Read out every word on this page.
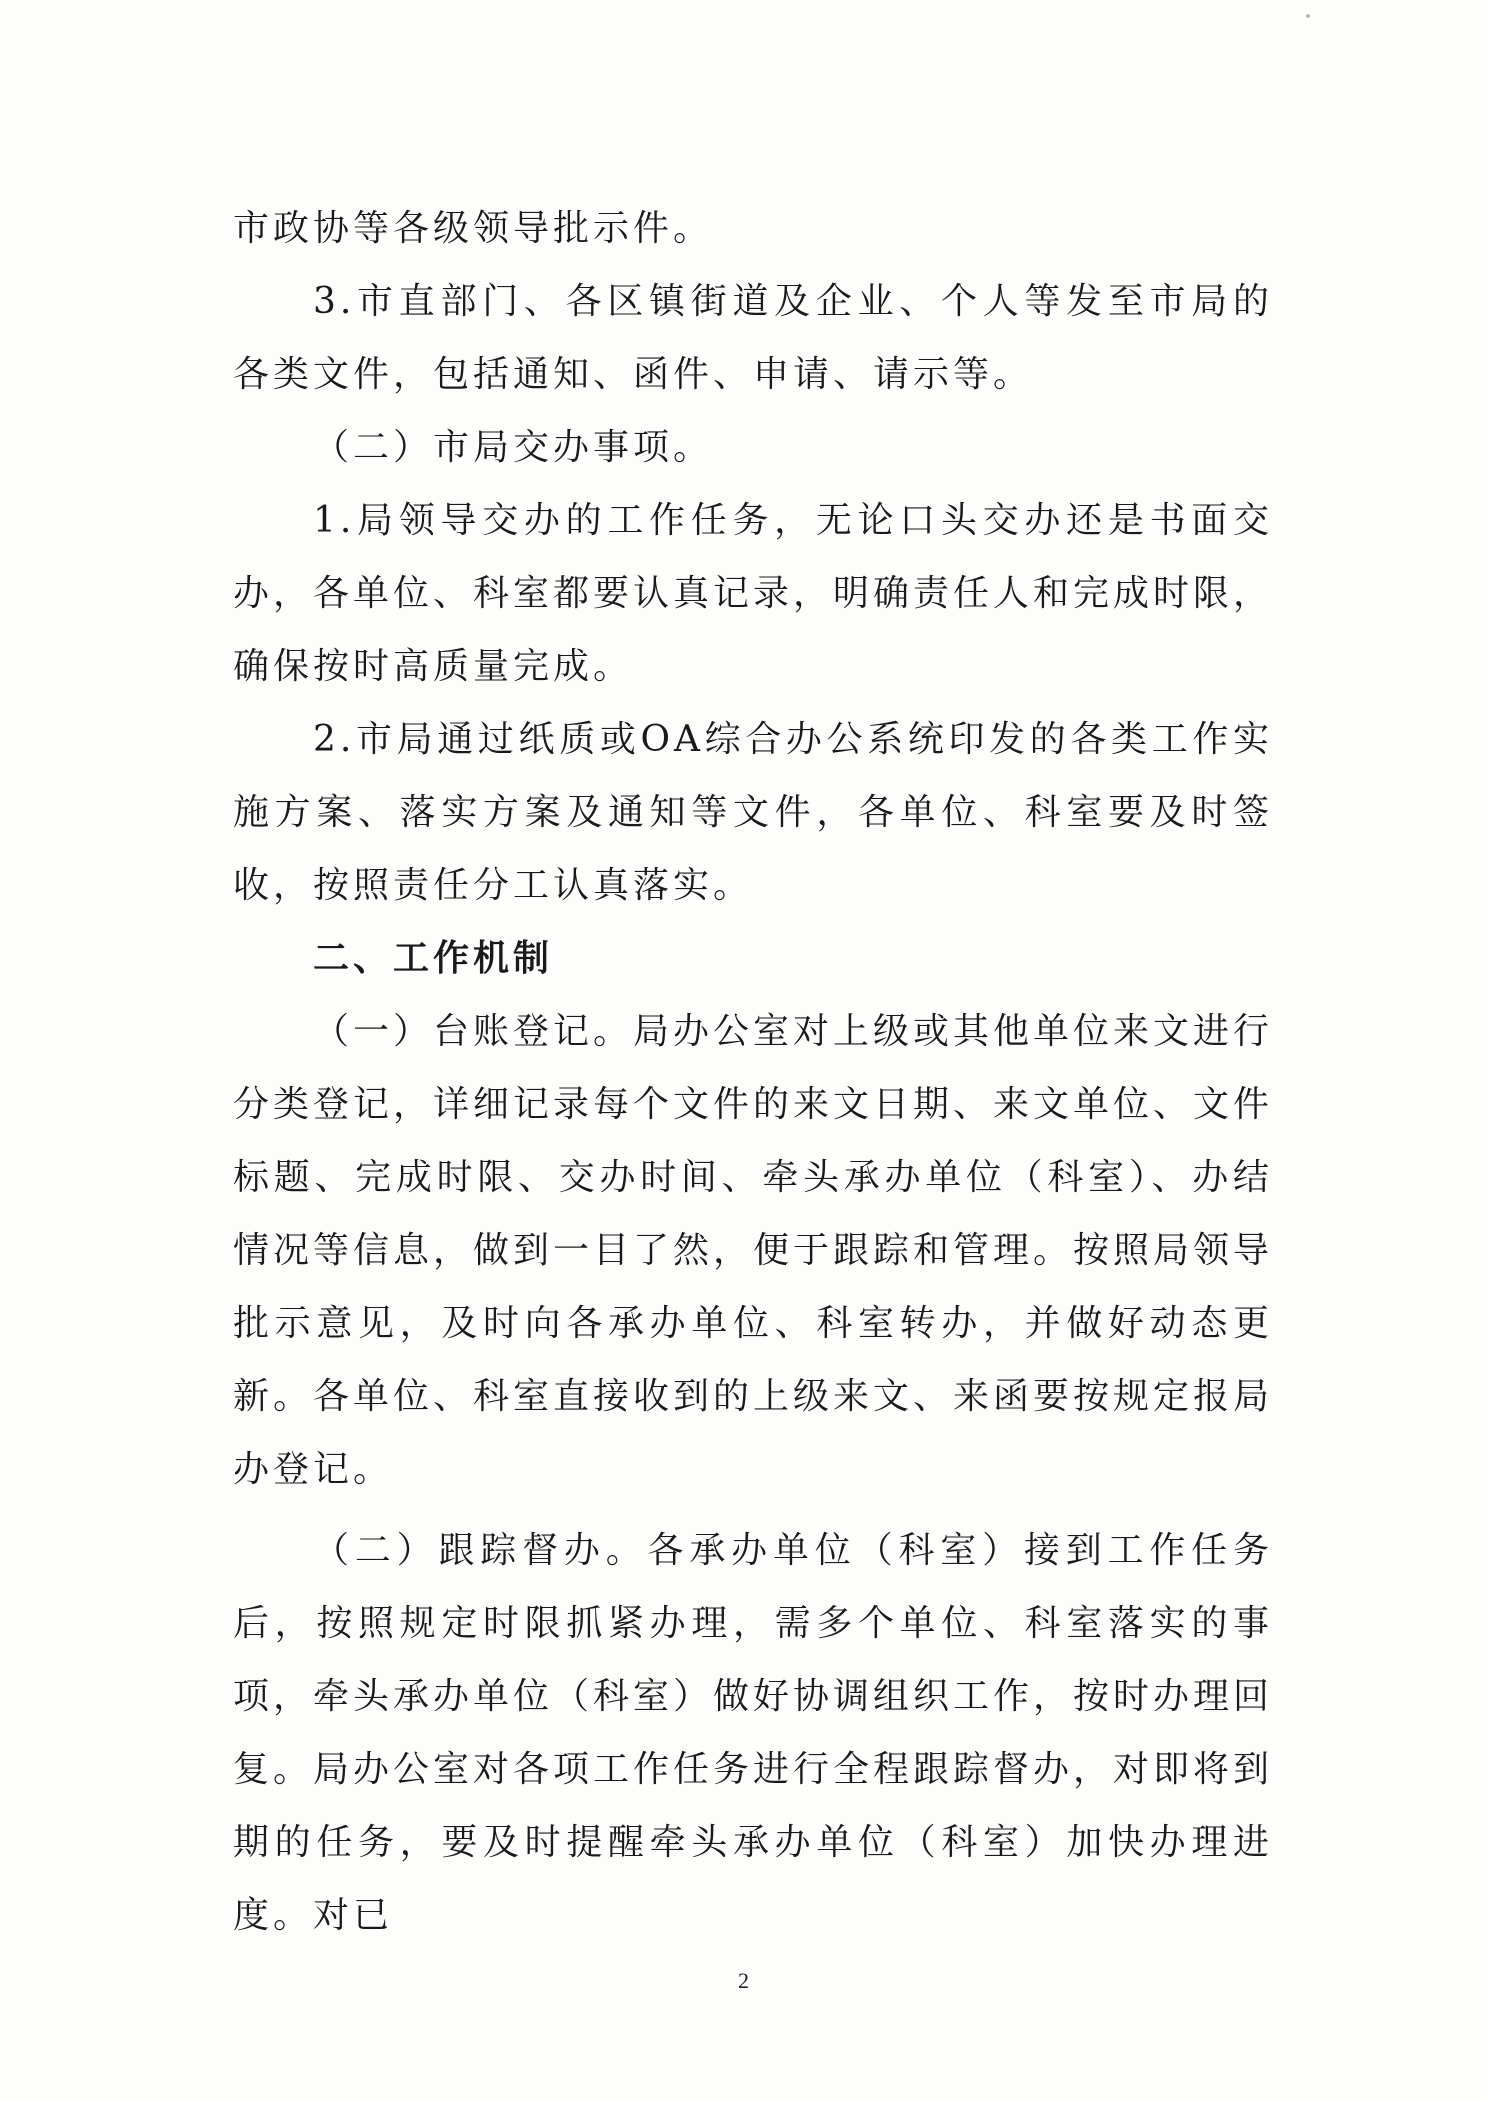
市政协等各级领导批示件。

3.市直部门、各区镇街道及企业、个人等发至市局的各类文件，包括通知、函件、申请、请示等。

（二）市局交办事项。

1.局领导交办的工作任务，无论口头交办还是书面交办，各单位、科室都要认真记录，明确责任人和完成时限，确保按时高质量完成。

2.市局通过纸质或OA综合办公系统印发的各类工作实施方案、落实方案及通知等文件，各单位、科室要及时签收，按照责任分工认真落实。

二、工作机制

（一）台账登记。局办公室对上级或其他单位来文进行分类登记，详细记录每个文件的来文日期、来文单位、文件标题、完成时限、交办时间、牵头承办单位（科室）、办结情况等信息，做到一目了然，便于跟踪和管理。按照局领导批示意见，及时向各承办单位、科室转办，并做好动态更新。各单位、科室直接收到的上级来文、来函要按规定报局办登记。

（二）跟踪督办。各承办单位（科室）接到工作任务后，按照规定时限抓紧办理，需多个单位、科室落实的事项，牵头承办单位（科室）做好协调组织工作，按时办理回复。局办公室对各项工作任务进行全程跟踪督办，对即将到期的任务，要及时提醒牵头承办单位（科室）加快办理进度。对已

2
